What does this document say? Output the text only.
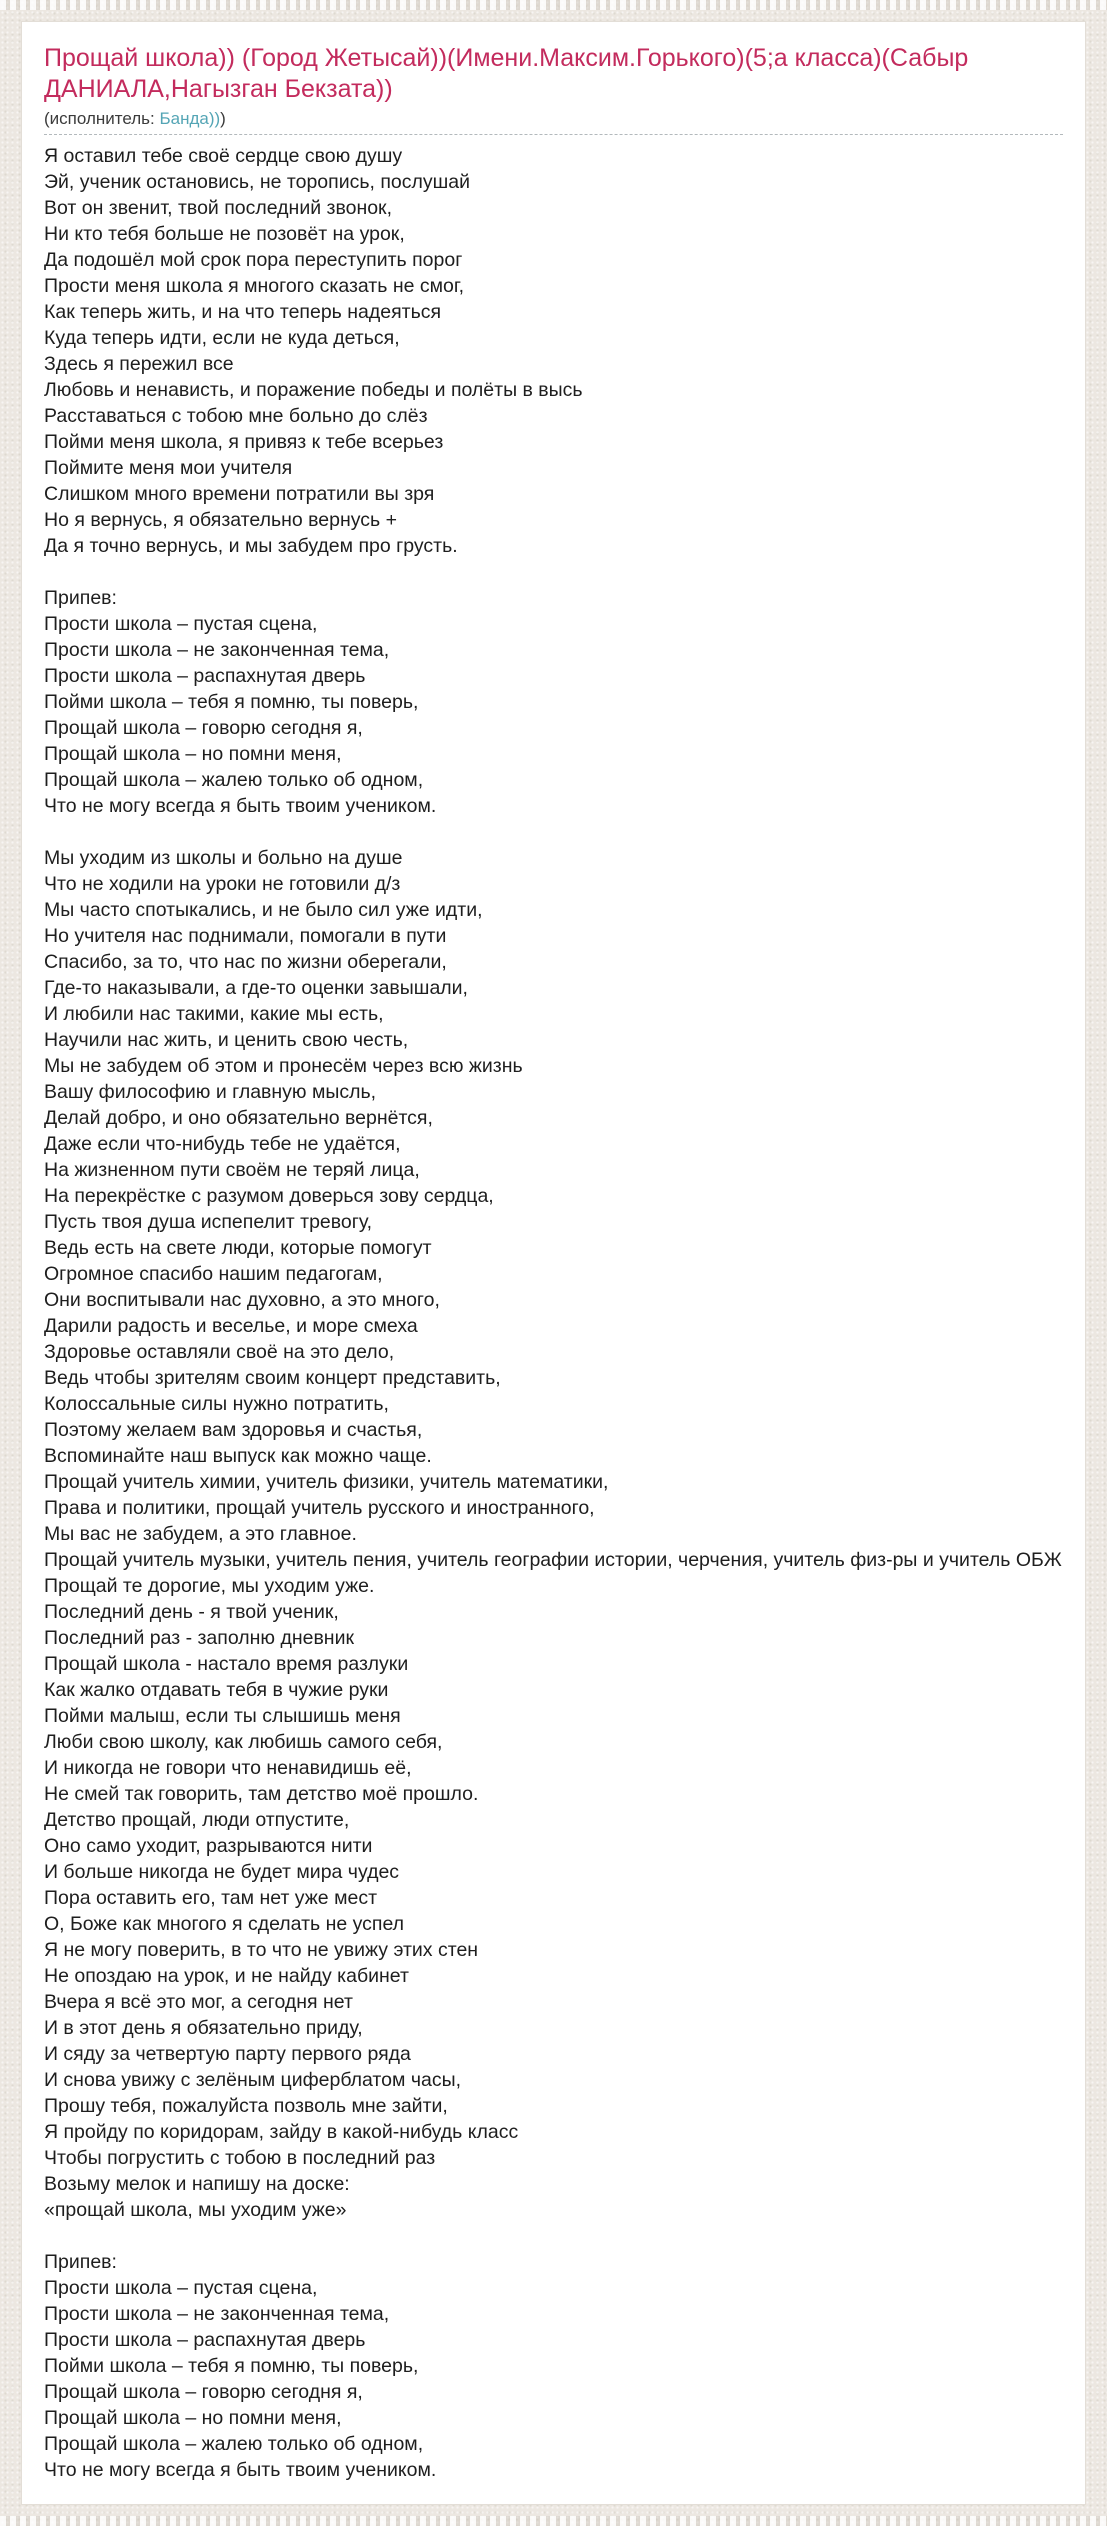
Прощай школа)) (Город Жетысай))(Имени.Максим.Горького)(5;а класса)(Сабыр ДАНИАЛА,Нагызган Бекзата))
(исполнитель: Банда)))
Я оставил тебе своё сердце свою душу
Эй, ученик остановись, не торопись, послушай
Вот он звенит, твой последний звонок,
Ни кто тебя больше не позовёт на урок,
Да подошёл мой срок пора переступить порог
Прости меня школа я многого сказать не смог,
Как теперь жить, и на что теперь надеяться
Куда теперь идти, если не куда деться,
Здесь я пережил все
Любовь и ненависть, и поражение победы и полёты в высь
Расставаться с тобою мне больно до слёз
Пойми меня школа, я привяз к тебе всерьез
Поймите меня мои учителя
Слишком много времени потратили вы зря
Но я вернусь, я обязательно вернусь +
Да я точно вернусь, и мы забудем про грусть.
Припев:
Прости школа – пустая сцена,
Прости школа – не законченная тема,
Прости школа – распахнутая дверь
Пойми школа – тебя я помню, ты поверь,
Прощай школа – говорю сегодня я,
Прощай школа – но помни меня,
Прощай школа – жалею только об одном,
Что не могу всегда я быть твоим учеником.
Мы уходим из школы и больно на душе
Что не ходили на уроки не готовили д/з
Мы часто спотыкались, и не было сил уже идти,
Но учителя нас поднимали, помогали в пути
Спасибо, за то, что нас по жизни оберегали,
Где-то наказывали, а где-то оценки завышали,
И любили нас такими, какие мы есть,
Научили нас жить, и ценить свою честь,
Мы не забудем об этом и пронесём через всю жизнь
Вашу философию и главную мысль,
Делай добро, и оно обязательно вернётся,
Даже если что-нибудь тебе не удаётся,
На жизненном пути своём не теряй лица,
На перекрёстке с разумом доверься зову сердца,
Пусть твоя душа испепелит тревогу,
Ведь есть на свете люди, которые помогут
Огромное спасибо нашим педагогам,
Они воспитывали нас духовно, а это много,
Дарили радость и веселье, и море смеха
Здоровье оставляли своё на это дело,
Ведь чтобы зрителям своим концерт представить,
Колоссальные силы нужно потратить,
Поэтому желаем вам здоровья и счастья,
Вспоминайте наш выпуск как можно чаще.
Прощай учитель химии, учитель физики, учитель математики,
Права и политики, прощай учитель русского и иностранного,
Мы вас не забудем, а это главное.
Прощай учитель музыки, учитель пения, учитель географии истории, черчения, учитель физ-ры и учитель ОБЖ
Прощай те дорогие, мы уходим уже.
Последний день - я твой ученик,
Последний раз - заполню дневник
Прощай школа - настало время разлуки
Как жалко отдавать тебя в чужие руки
Пойми малыш, если ты слышишь меня
Люби свою школу, как любишь самого себя,
И никогда не говори что ненавидишь её,
Не смей так говорить, там детство моё прошло.
Детство прощай, люди отпустите,
Оно само уходит, разрываются нити
И больше никогда не будет мира чудес
Пора оставить его, там нет уже мест
О, Боже как многого я сделать не успел
Я не могу поверить, в то что не увижу этих стен
Не опоздаю на урок, и не найду кабинет
Вчера я всё это мог, а сегодня нет
И в этот день я обязательно приду,
И сяду за четвертую парту первого ряда
И снова увижу с зелёным циферблатом часы,
Прошу тебя, пожалуйста позволь мне зайти,
Я пройду по коридорам, зайду в какой-нибудь класс
Чтобы погрустить с тобою в последний раз
Возьму мелок и напишу на доске:
«прощай школа, мы уходим уже»
Припев:
Прости школа – пустая сцена,
Прости школа – не законченная тема,
Прости школа – распахнутая дверь
Пойми школа – тебя я помню, ты поверь,
Прощай школа – говорю сегодня я,
Прощай школа – но помни меня,
Прощай школа – жалею только об одном,
Что не могу всегда я быть твоим учеником.
